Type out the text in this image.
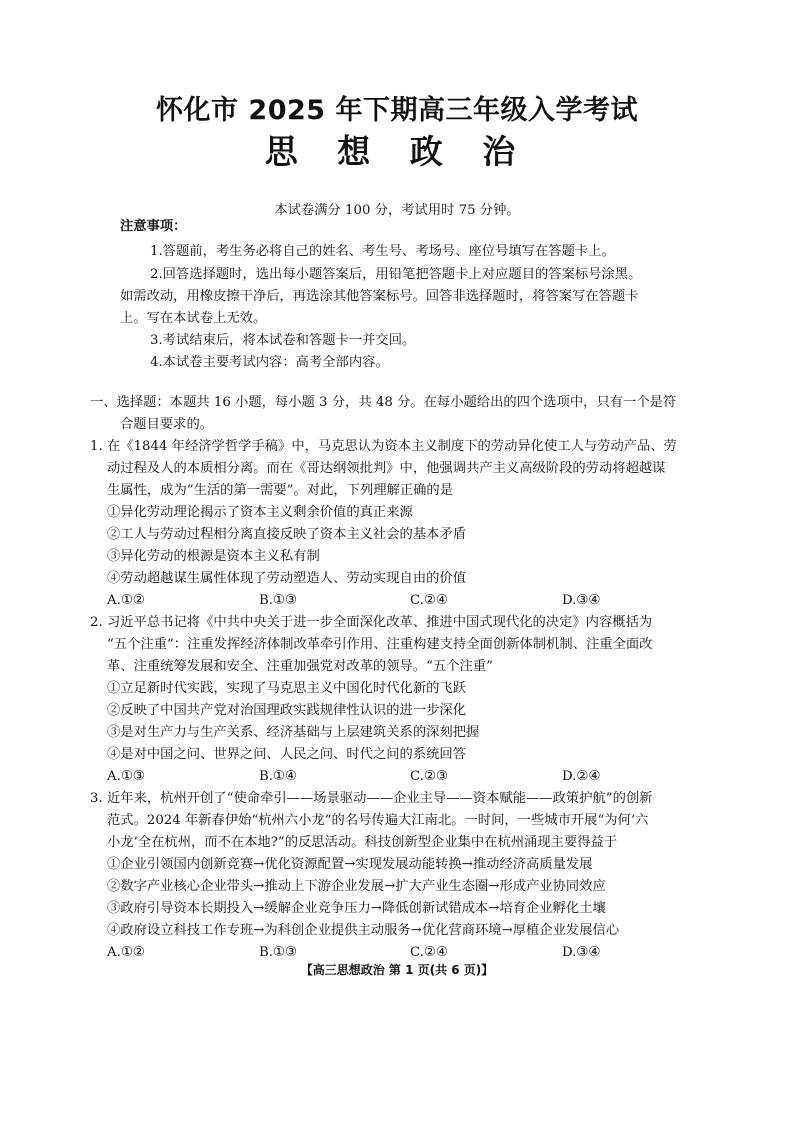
怀化市 2025 年下期高三年级入学考试
思 想 政 治
本试卷满分 100 分，考试用时 75 分钟。
注意事项：
1.答题前，考生务必将自己的姓名、考生号、考场号、座位号填写在答题卡上。
2.回答选择题时，选出每小题答案后，用铅笔把答题卡上对应题目的答案标号涂黑。
如需改动，用橡皮擦干净后，再选涂其他答案标号。回答非选择题时，将答案写在答题卡
上。写在本试卷上无效。
3.考试结束后，将本试卷和答题卡一并交回。
4.本试卷主要考试内容：高考全部内容。
一、选择题：本题共 16 小题，每小题 3 分，共 48 分。在每小题给出的四个选项中，只有一个是符
合题目要求的。
1. 在《1844 年经济学哲学手稿》中，马克思认为资本主义制度下的劳动异化使工人与劳动产品、劳
动过程及人的本质相分离。而在《哥达纲领批判》中，他强调共产主义高级阶段的劳动将超越谋
生属性，成为“生活的第一需要”。对此，下列理解正确的是
①异化劳动理论揭示了资本主义剩余价值的真正来源
②工人与劳动过程相分离直接反映了资本主义社会的基本矛盾
③异化劳动的根源是资本主义私有制
④劳动超越谋生属性体现了劳动塑造人、劳动实现自由的价值
A.①②	B.①③	C.②④	D.③④
2. 习近平总书记将《中共中央关于进一步全面深化改革、推进中国式现代化的决定》内容概括为
“五个注重”：注重发挥经济体制改革牵引作用、注重构建支持全面创新体制机制、注重全面改
革、注重统筹发展和安全、注重加强党对改革的领导。“五个注重”
①立足新时代实践，实现了马克思主义中国化时代化新的飞跃
②反映了中国共产党对治国理政实践规律性认识的进一步深化
③是对生产力与生产关系、经济基础与上层建筑关系的深刻把握
④是对中国之问、世界之问、人民之问、时代之问的系统回答
A.①③	B.①④	C.②③	D.②④
3. 近年来，杭州开创了“使命牵引——场景驱动——企业主导——资本赋能——政策护航”的创新
范式。2024 年新春伊始“杭州六小龙”的名号传遍大江南北。一时间，一些城市开展“为何‘六
小龙’全在杭州，而不在本地?”的反思活动。科技创新型企业集中在杭州涌现主要得益于
①企业引领国内创新竞赛→优化资源配置→实现发展动能转换→推动经济高质量发展
②数字产业核心企业带头→推动上下游企业发展→扩大产业生态圈→形成产业协同效应
③政府引导资本长期投入→缓解企业竞争压力→降低创新试错成本→培育企业孵化土壤
④政府设立科技工作专班→为科创企业提供主动服务→优化营商环境→厚植企业发展信心
A.①②	B.①③	C.②④	D.③④
【高三思想政治 第 1 页(共 6 页)】
